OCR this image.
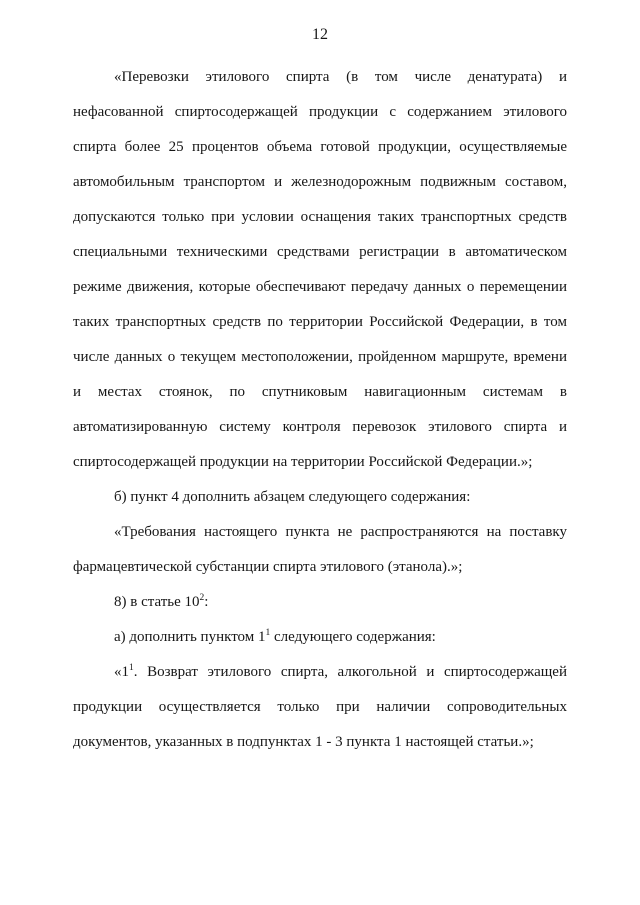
12
«Перевозки этилового спирта (в том числе денатурата) и
нефасованной спиртосодержащей продукции с содержанием этилового
спирта более 25 процентов объема готовой продукции, осуществляемые
автомобильным транспортом и железнодорожным подвижным составом,
допускаются только при условии оснащения таких транспортных средств
специальными техническими средствами регистрации в автоматическом
режиме движения, которые обеспечивают передачу данных о перемещении
таких транспортных средств по территории Российской Федерации, в том
числе данных о текущем местоположении, пройденном маршруте, времени
и местах стоянок, по спутниковым навигационным системам в
автоматизированную систему контроля перевозок этилового спирта и
спиртосодержащей продукции на территории Российской Федерации.»;
б) пункт 4 дополнить абзацем следующего содержания:
«Требования настоящего пункта не распространяются на поставку
фармацевтической субстанции спирта этилового (этанола).»;
8) в статье $10^2$:
а) дополнить пунктом $1^1$ следующего содержания:
«$1^1$. Возврат этилового спирта, алкогольной и спиртосодержащей
продукции осуществляется только при наличии сопроводительных
документов, указанных в подпунктах 1 - 3 пункта 1 настоящей статьи.»;
